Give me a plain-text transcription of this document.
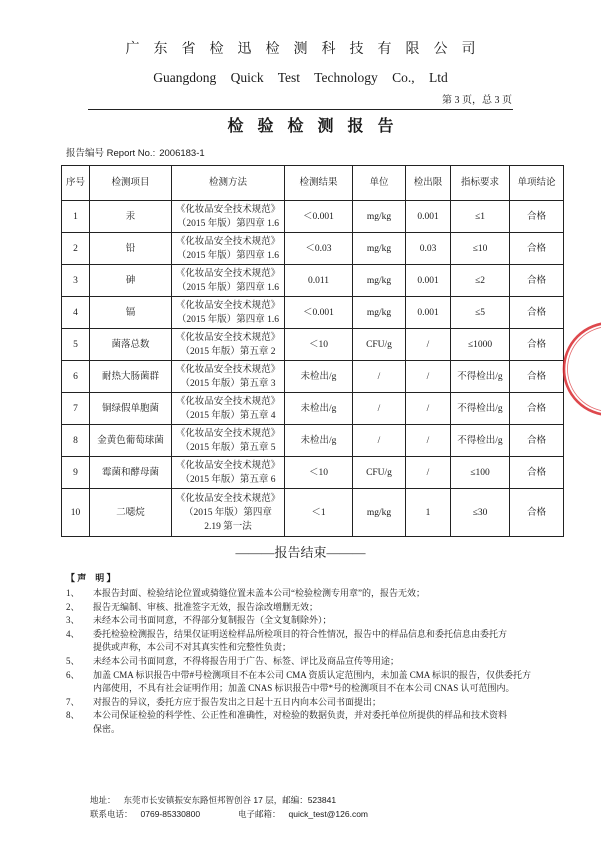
广东省检迅检测科技有限公司
Guangdong Quick Test Technology Co., Ltd
第 3 页，总 3 页
检验检测报告
报告编号 Report No.: 2006183-1
序号	检测项目	检测方法	检测结果	单位	检出限	指标要求	单项结论
1	汞	《化妆品安全技术规范》
（2015 年版）第四章 1.6	＜0.001	mg/kg	0.001	≤1	合格
2	铅	《化妆品安全技术规范》
（2015 年版）第四章 1.6	＜0.03	mg/kg	0.03	≤10	合格
3	砷	《化妆品安全技术规范》
（2015 年版）第四章 1.6	0.011	mg/kg	0.001	≤2	合格
4	镉	《化妆品安全技术规范》
（2015 年版）第四章 1.6	＜0.001	mg/kg	0.001	≤5	合格
5	菌落总数	《化妆品安全技术规范》
（2015 年版）第五章 2	＜10	CFU/g	/	≤1000	合格
6	耐热大肠菌群	《化妆品安全技术规范》
（2015 年版）第五章 3	未检出/g	/	/	不得检出/g	合格
7	铜绿假单胞菌	《化妆品安全技术规范》
（2015 年版）第五章 4	未检出/g	/	/	不得检出/g	合格
8	金黄色葡萄球菌	《化妆品安全技术规范》
（2015 年版）第五章 5	未检出/g	/	/	不得检出/g	合格
9	霉菌和酵母菌	《化妆品安全技术规范》
（2015 年版）第五章 6	＜10	CFU/g	/	≤100	合格
10	二噁烷	《化妆品安全技术规范》
（2015 年版）第四章
2.19 第一法	＜1	mg/kg	1	≤30	合格
———报告结束———
【 声　明 】
1、	本报告封面、检验结论位置或骑缝位置未盖本公司“检验检测专用章”的，报告无效；
2、	报告无编制、审核、批准签字无效，报告涂改增删无效；
3、	未经本公司书面同意，不得部分复制报告（全文复制除外）；
4、	委托检验检测报告，结果仅证明送检样品所检项目的符合性情况，报告中的样品信息和委托信息由委托方
提供或声称，本公司不对其真实性和完整性负责；
5、	未经本公司书面同意，不得将报告用于广告、标签、评比及商品宣传等用途；
6、	加盖 CMA 标识报告中带#号检测项目不在本公司 CMA 资质认定范围内，未加盖 CMA 标识的报告，仅供委托方
内部使用，不具有社会证明作用；加盖 CNAS 标识报告中带*号的检测项目不在本公司 CNAS 认可范围内。
7、	对报告的异议，委托方应于报告发出之日起十五日内向本公司书面提出；
8、	本公司保证检验的科学性、公正性和准确性，对检验的数据负责，并对委托单位所提供的样品和技术资料
保密。
地址： 东莞市长安镇振安东路恒邦智创谷 17 层，邮编：523841
联系电话： 0769-85330800	电子邮箱： quick_test@126.com
